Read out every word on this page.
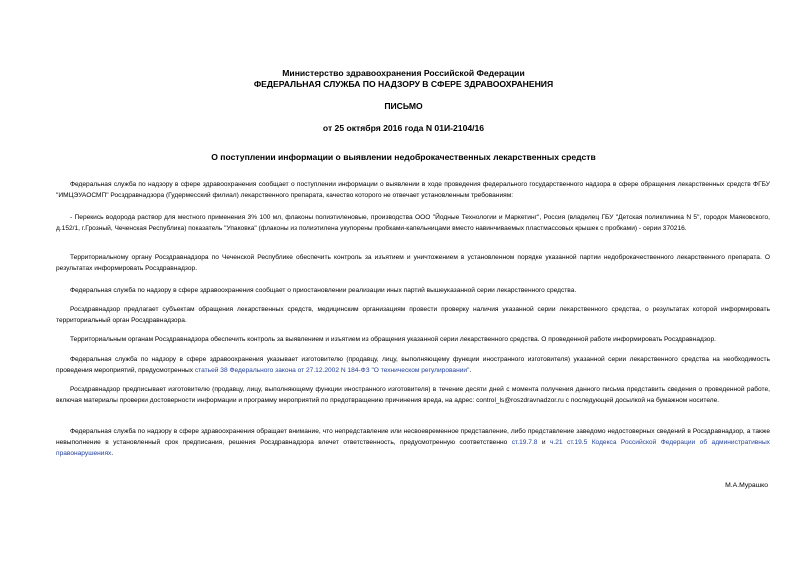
Министерство здравоохранения Российской Федерации
ФЕДЕРАЛЬНАЯ СЛУЖБА ПО НАДЗОРУ В СФЕРЕ ЗДРАВООХРАНЕНИЯ
ПИСЬМО
от 25 октября 2016 года N 01И-2104/16
О поступлении информации о выявлении недоброкачественных лекарственных средств
Федеральная служба по надзору в сфере здравоохранения сообщает о поступлении информации о выявлении в ходе проведения федерального государственного надзора в сфере обращения лекарственных средств ФГБУ "ИМЦЭУАОСМП" Росздравнадзора (Гудермесский филиал) лекарственного препарата, качество которого не отвечает установленным требованиям:
- Перекись водорода раствор для местного применения 3% 100 мл, флаконы полиэтиленовые, производства ООО "Йодные Технологии и Маркетинг", Россия (владелец ГБУ "Детская поликлиника N 5", городок Маяковского, д.152/1, г.Грозный, Чеченская Республика) показатель "Упаковка" (флаконы из полиэтилена укупорены пробками-капельницами вместо навинчиваемых пластмассовых крышек с пробками) - серии 370216.
Территориальному органу Росздравнадзора по Чеченской Республике обеспечить контроль за изъятием и уничтожением в установленном порядке указанной партии недоброкачественного лекарственного препарата. О результатах информировать Росздравнадзор.
Федеральная служба по надзору в сфере здравоохранения сообщает о приостановлении реализации иных партий вышеуказанной серии лекарственного средства.
Росздравнадзор предлагает субъектам обращения лекарственных средств, медицинским организациям провести проверку наличия указанной серии лекарственного средства, о результатах которой информировать территориальный орган Росздравнадзора.
Территориальным органам Росздравнадзора обеспечить контроль за выявлением и изъятием из обращения указанной серии лекарственного средства. О проведенной работе информировать Росздравнадзор.
Федеральная служба по надзору в сфере здравоохранения указывает изготовителю (продавцу, лицу, выполняющему функции иностранного изготовителя) указанной серии лекарственного средства на необходимость проведения мероприятий, предусмотренных статьей 38 Федерального закона от 27.12.2002 N 184-ФЗ "О техническом регулировании".
Росздравнадзор предписывает изготовителю (продавцу, лицу, выполняющему функции иностранного изготовителя) в течение десяти дней с момента получения данного письма представить сведения о проведенной работе, включая материалы проверки достоверности информации и программу мероприятий по предотвращению причинения вреда, на адрес: control_ls@roszdravnadzor.ru с последующей досылкой на бумажном носителе.
Федеральная служба по надзору в сфере здравоохранения обращает внимание, что непредставление или несвоевременное представление, либо представление заведомо недостоверных сведений в Росздравнадзор, а также невыполнение в установленный срок предписания, решения Росздравнадзора влечет ответственность, предусмотренную соответственно ст.19.7.8 и ч.21 ст.19.5 Кодекса Российской Федерации об административных правонарушениях.
М.А.Мурашко
